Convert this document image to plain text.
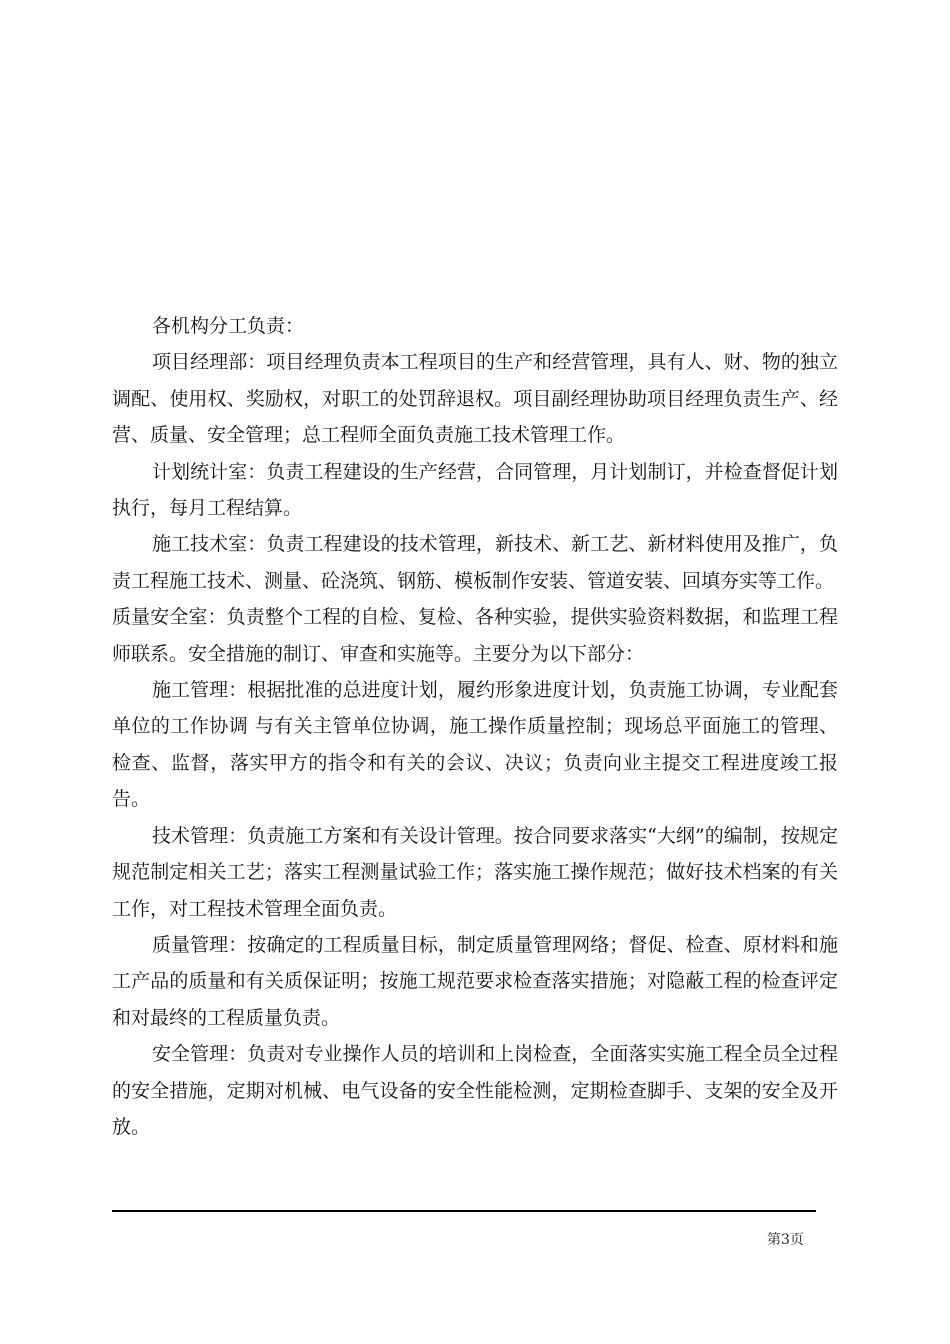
各机构分工负责：

项目经理部：项目经理负责本工程项目的生产和经营管理，具有人、财、物的独立调配、使用权、奖励权，对职工的处罚辞退权。项目副经理协助项目经理负责生产、经营、质量、安全管理；总工程师全面负责施工技术管理工作。

计划统计室：负责工程建设的生产经营，合同管理，月计划制订，并检查督促计划执行，每月工程结算。

施工技术室：负责工程建设的技术管理，新技术、新工艺、新材料使用及推广，负责工程施工技术、测量、砼浇筑、钢筋、模板制作安装、管道安装、回填夯实等工作。

质量安全室：负责整个工程的自检、复检、各种实验，提供实验资料数据，和监理工程师联系。安全措施的制订、审查和实施等。主要分为以下部分：

施工管理：根据批准的总进度计划，履约形象进度计划，负责施工协调，专业配套单位的工作协调 与有关主管单位协调，施工操作质量控制；现场总平面施工的管理、检查、监督，落实甲方的指令和有关的会议、决议；负责向业主提交工程进度竣工报告。

技术管理：负责施工方案和有关设计管理。按合同要求落实“大纲”的编制，按规定规范制定相关工艺；落实工程测量试验工作；落实施工操作规范；做好技术档案的有关工作，对工程技术管理全面负责。

质量管理：按确定的工程质量目标，制定质量管理网络；督促、检查、原材料和施工产品的质量和有关质保证明；按施工规范要求检查落实措施；对隐蔽工程的检查评定和对最终的工程质量负责。

安全管理：负责对专业操作人员的培训和上岗检查，全面落实实施工程全员全过程的安全措施，定期对机械、电气设备的安全性能检测，定期检查脚手、支架的安全及开放。

第3页
